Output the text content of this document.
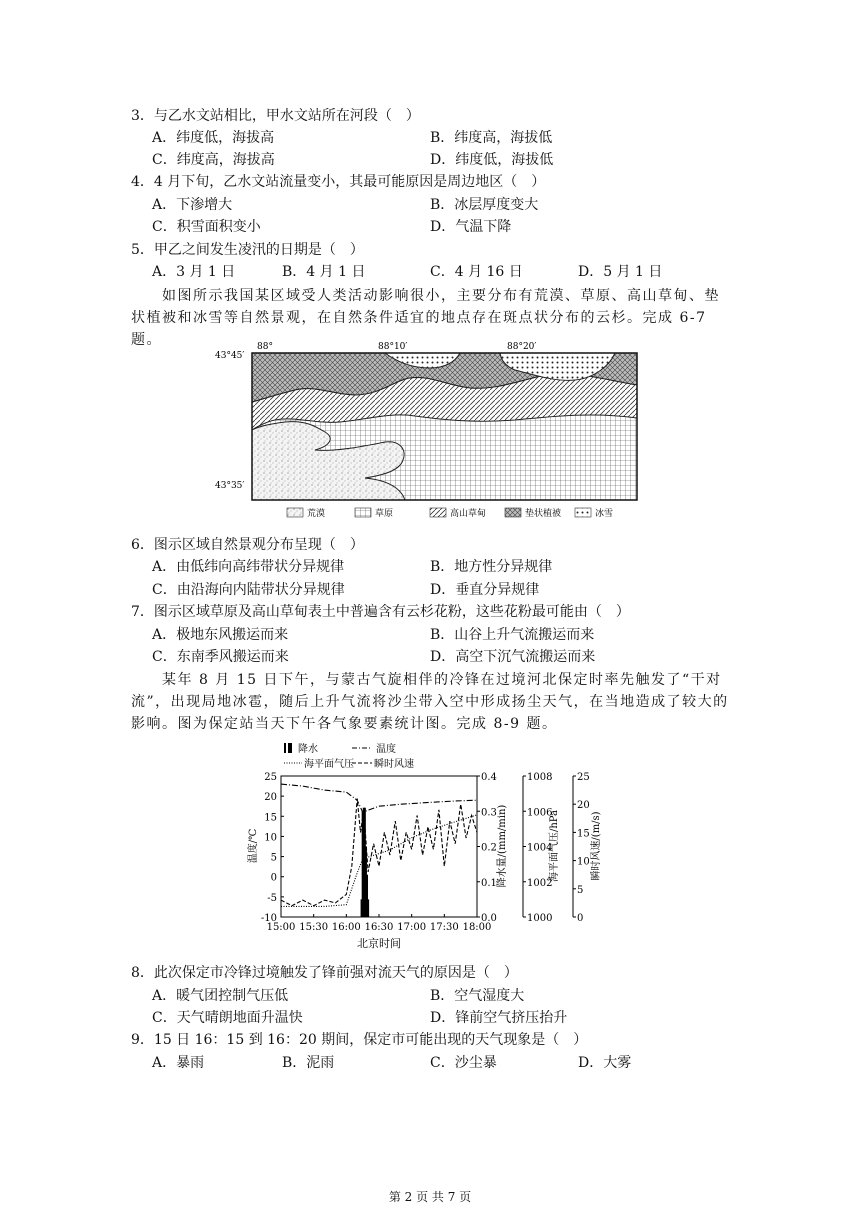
3．与乙水文站相比，甲水文站所在河段（　）
A．纬度低，海拔高	B．纬度高，海拔低
C．纬度高，海拔高	D．纬度低，海拔低
4．4 月下旬，乙水文站流量变小，其最可能原因是周边地区（　）
A．下渗增大	B．冰层厚度变大
C．积雪面积变小	D．气温下降
5．甲乙之间发生凌汛的日期是（　）
A．3 月 1 日	B．4 月 1 日	C．4 月 16 日	D．5 月 1 日
　　如图所示我国某区域受人类活动影响很小，主要分布有荒漠、草原、高山草甸、垫状植被和冰雪等自然景观，在自然条件适宜的地点存在斑点状分布的云杉。完成 6-7 题。	88°	88°10′	88°20′
43°45′
43°35′
荒漠	草原	高山草甸	垫状植被	冰雪
6．图示区域自然景观分布呈现（　）
A．由低纬向高纬带状分异规律	B．地方性分异规律
C．由沿海向内陆带状分异规律	D．垂直分异规律
7．图示区域草原及高山草甸表土中普遍含有云杉花粉，这些花粉最可能由（　）
A．极地东风搬运而来	B．山谷上升气流搬运而来
C．东南季风搬运而来	D．高空下沉气流搬运而来
　　某年 8 月 15 日下午，与蒙古气旋相伴的冷锋在过境河北保定时率先触发了“干对流”，出现局地冰雹，随后上升气流将沙尘带入空中形成扬尘天气，在当地造成了较大的影响。图为保定站当天下午各气象要素统计图。完成 8-9 题。
降水	温度
海平面气压 瞬时风速
15:00 15:30 16:00 16:30 17:00 17:30 18:00
25
20
15
10
5
0
-5
-10
温度/℃
0.4
0.3
0.2
0.1
0.0
降水量/(mm/min)
1008
1006
1004
1002
1000
海平面气压/hPa
25
20
15
10
5
0
瞬时风速/(m/s)
北京时间
8．此次保定市冷锋过境触发了锋前强对流天气的原因是（　）
A．暖气团控制气压低	B．空气湿度大
C．天气晴朗地面升温快	D．锋前空气挤压抬升
9．15 日 16：15 到 16：20 期间，保定市可能出现的天气现象是（　）
A．暴雨	B．泥雨	C．沙尘暴	D．大雾
第 2 页 共 7 页
